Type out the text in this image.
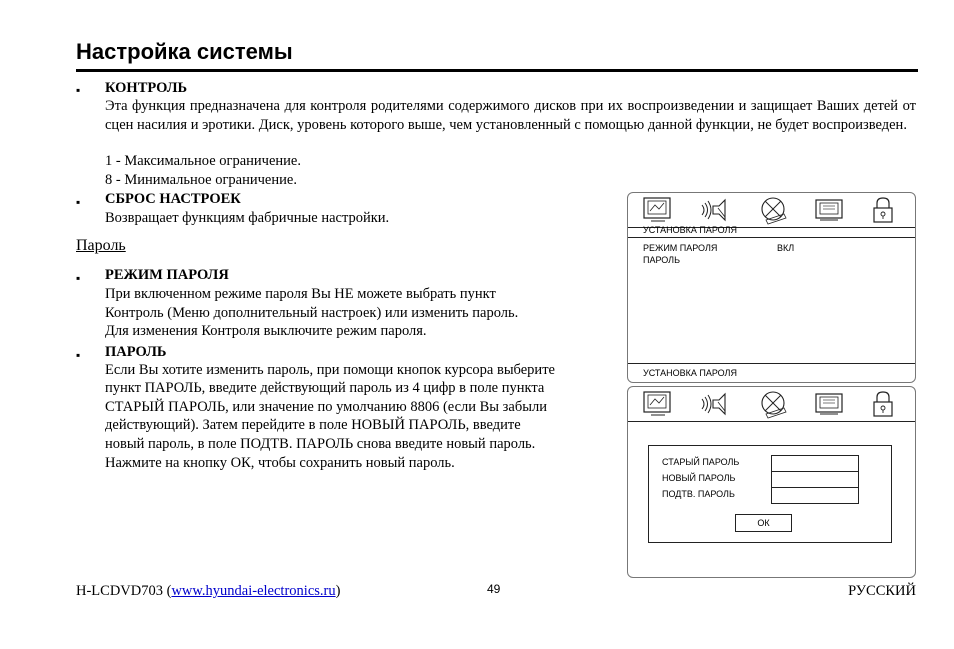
Настройка системы
▪ КОНТРОЛЬ
Эта функция предназначена для контроля родителями содержимого дисков при их воспроизведении и защищает Ваших детей от сцен насилия и эротики. Диск, уровень которого выше, чем установленный с помощью данной функции, не будет воспроизведен.
1 - Максимальное ограничение.
8 - Минимальное ограничение.
▪ СБРОС НАСТРОЕК
Возвращает функциям фабричные настройки.
Пароль
▪ РЕЖИМ ПАРОЛЯ
При включенном режиме пароля Вы НЕ можете выбрать пункт
Контроль (Меню дополнительный настроек) или изменить пароль.
Для изменения Контроля выключите режим пароля.
▪ ПАРОЛЬ
Если Вы хотите изменить пароль, при помощи кнопок курсора выберите
пункт ПАРОЛЬ, введите действующий пароль из 4 цифр в поле пункта
СТАРЫЙ ПАРОЛЬ, или значение по умолчанию 8806 (если Вы забыли
действующий). Затем перейдите в поле НОВЫЙ ПАРОЛЬ, введите
новый пароль, в поле ПОДТВ. ПАРОЛЬ снова введите новый пароль.
Нажмите на кнопку ОК, чтобы сохранить новый пароль.
УСТАНОВКА ПАРОЛЯ
РЕЖИМ ПАРОЛЯ	ВКЛ
ПАРОЛЬ
УСТАНОВКА ПАРОЛЯ
СТАРЫЙ ПАРОЛЬ
НОВЫЙ ПАРОЛЬ
ПОДТВ. ПАРОЛЬ
ОК
H-LCDVD703 (www.hyundai-electronics.ru)	49	РУССКИЙ
